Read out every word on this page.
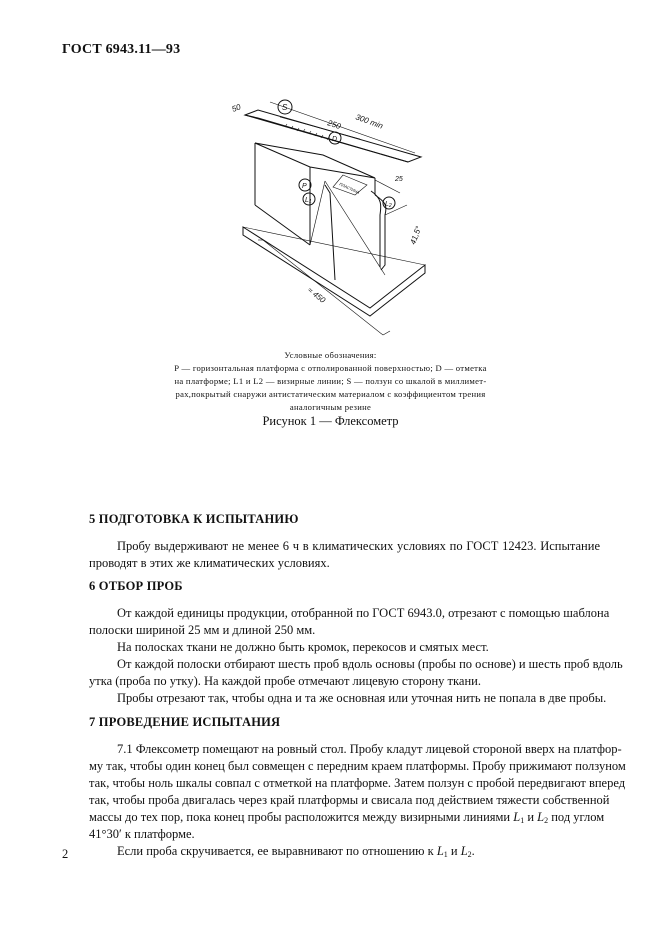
ГОСТ 6943.11—93
50
300 min
250
25
41,5°
≈ 450
S
D
P
L1	L2
ПЛАСТИНА
Условные обозначения:
P — горизонтальная платформа с отполированной поверхностью; D — отметка
на платформе; L1 и L2 — визирные линии; S — ползун со шкалой в миллимет-
рах,покрытый снаружи антистатическим материалом с коэффициентом трения
аналогичным резине
Рисунок 1 — Флексометр
5 ПОДГОТОВКА К ИСПЫТАНИЮ
Пробу выдерживают не менее 6 ч в климатических условиях по ГОСТ 12423. Испытание
проводят в этих же климатических условиях.
6 ОТБОР ПРОБ
От каждой единицы продукции, отобранной по ГОСТ 6943.0, отрезают с помощью шаблона
полоски шириной 25 мм и длиной 250 мм.
На полосках ткани не должно быть кромок, перекосов и смятых мест.
От каждой полоски отбирают шесть проб вдоль основы (пробы по основе) и шесть проб вдоль
утка (проба по утку). На каждой пробе отмечают лицевую сторону ткани.
Пробы отрезают так, чтобы одна и та же основная или уточная нить не попала в две пробы.
7 ПРОВЕДЕНИЕ ИСПЫТАНИЯ
7.1 Флексометр помещают на ровный стол. Пробу кладут лицевой стороной вверх на платфор-
му так, чтобы один конец был совмещен с передним краем платформы. Пробу прижимают ползуном
так, чтобы ноль шкалы совпал с отметкой на платформе. Затем ползун с пробой передвигают вперед
так, чтобы проба двигалась через край платформы и свисала под действием тяжести собственной
массы до тех пор, пока конец пробы расположится между визирными линиями $L_1$ и $L_2$ под углом
41°30′ к платформе.
Если проба скручивается, ее выравнивают по отношению к $L_1$ и $L_2$.
2
